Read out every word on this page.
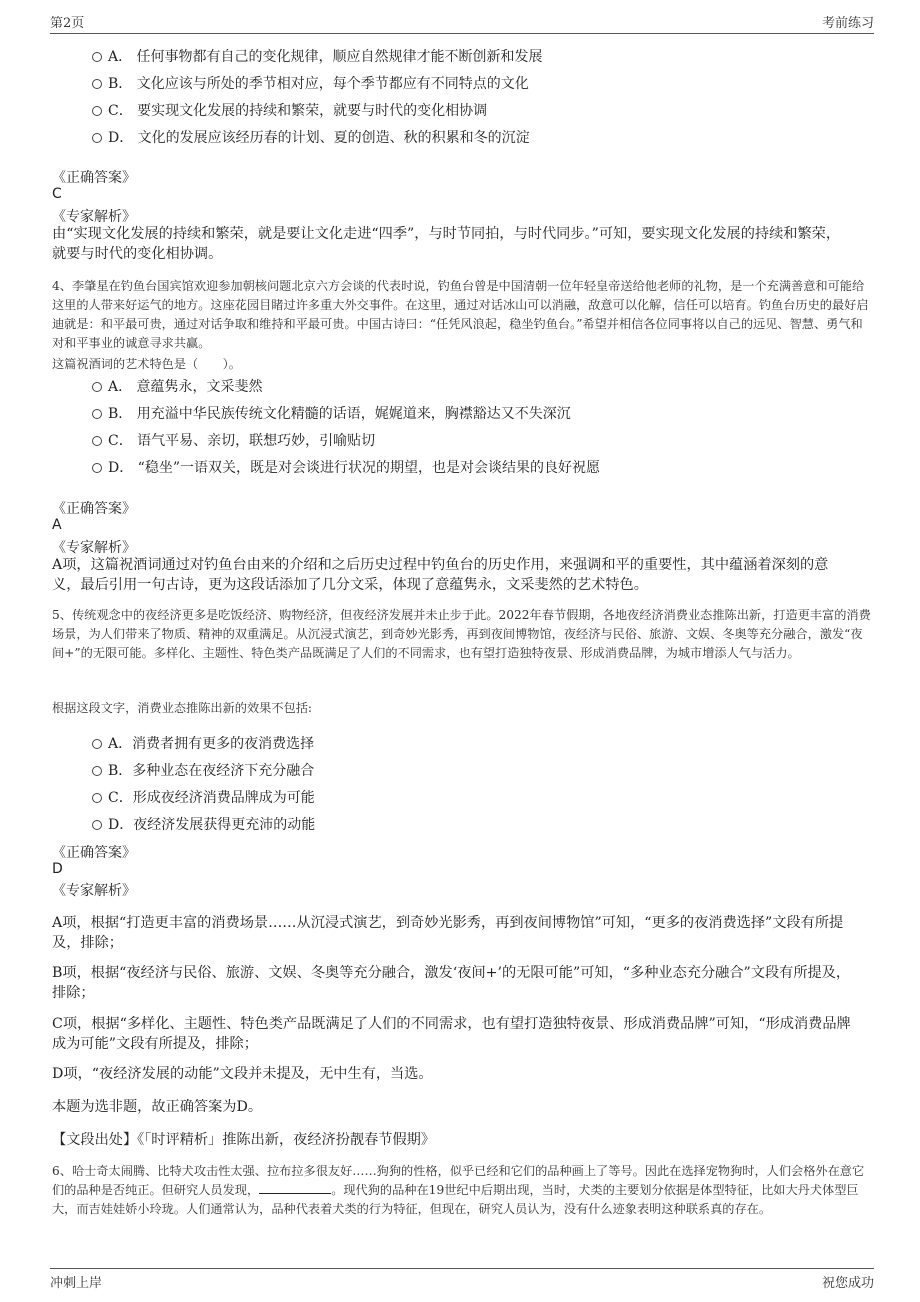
第2页	考前练习
A． 任何事物都有自己的变化规律，顺应自然规律才能不断创新和发展
B． 文化应该与所处的季节相对应，每个季节都应有不同特点的文化
C． 要实现文化发展的持续和繁荣，就要与时代的变化相协调
D． 文化的发展应该经历春的计划、夏的创造、秋的积累和冬的沉淀
《正确答案》
C
《专家解析》
由“实现文化发展的持续和繁荣，就是要让文化走进“四季”，与时节同拍，与时代同步。”可知，要实现文化发展的持续和繁荣，就要与时代的变化相协调。
4、李肇星在钓鱼台国宾馆欢迎参加朝核问题北京六方会谈的代表时说，钓鱼台曾是中国清朝一位年轻皇帝送给他老师的礼物，是一个充满善意和可能给这里的人带来好运气的地方。这座花园目睹过许多重大外交事件。在这里，通过对话冰山可以消融，敌意可以化解，信任可以培育。钓鱼台历史的最好启迪就是：和平最可贵，通过对话争取和维持和平最可贵。中国古诗曰：“任凭风浪起，稳坐钓鱼台。”希望并相信各位同事将以自己的远见、智慧、勇气和对和平事业的诚意寻求共赢。
这篇祝酒词的艺术特色是（　　）。
A． 意蕴隽永，文采斐然
B． 用充溢中华民族传统文化精髓的话语，娓娓道来，胸襟豁达又不失深沉
C． 语气平易、亲切，联想巧妙，引喻贴切
D． “稳坐”一语双关，既是对会谈进行状况的期望，也是对会谈结果的良好祝愿
《正确答案》
A
《专家解析》
A项，这篇祝酒词通过对钓鱼台由来的介绍和之后历史过程中钓鱼台的历史作用，来强调和平的重要性，其中蕴涵着深刻的意义，最后引用一句古诗，更为这段话添加了几分文采，体现了意蕴隽永，文采斐然的艺术特色。
5、传统观念中的夜经济更多是吃饭经济、购物经济，但夜经济发展并未止步于此。2022年春节假期，各地夜经济消费业态推陈出新，打造更丰富的消费场景，为人们带来了物质、精神的双重满足。从沉浸式演艺，到奇妙光影秀，再到夜间博物馆，夜经济与民俗、旅游、文娱、冬奥等充分融合，激发“夜间+”的无限可能。多样化、主题性、特色类产品既满足了人们的不同需求，也有望打造独特夜景、形成消费品牌，为城市增添人气与活力。
根据这段文字，消费业态推陈出新的效果不包括:
A．消费者拥有更多的夜消费选择
B．多种业态在夜经济下充分融合
C．形成夜经济消费品牌成为可能
D．夜经济发展获得更充沛的动能
《正确答案》
D
《专家解析》
A项，根据“打造更丰富的消费场景……从沉浸式演艺，到奇妙光影秀，再到夜间博物馆”可知，“更多的夜消费选择”文段有所提及，排除；
B项，根据“夜经济与民俗、旅游、文娱、冬奥等充分融合，激发‘夜间+’的无限可能”可知，“多种业态充分融合”文段有所提及，排除；
C项，根据“多样化、主题性、特色类产品既满足了人们的不同需求，也有望打造独特夜景、形成消费品牌”可知，“形成消费品牌成为可能”文段有所提及，排除；
D项，“夜经济发展的动能”文段并未提及，无中生有，当选。
本题为选非题，故正确答案为D。
【文段出处】《「时评精析」推陈出新，夜经济扮靓春节假期》
6、哈士奇太闹腾、比特犬攻击性太强、拉布拉多很友好……狗狗的性格，似乎已经和它们的品种画上了等号。因此在选择宠物狗时，人们会格外在意它们的品种是否纯正。但研究人员发现，	。现代狗的品种在19世纪中后期出现，当时，犬类的主要划分依据是体型特征，比如大丹犬体型巨大，而吉娃娃娇小玲珑。人们通常认为，品种代表着犬类的行为特征，但现在，研究人员认为，没有什么迹象表明这种联系真的存在。
冲刺上岸	祝您成功
